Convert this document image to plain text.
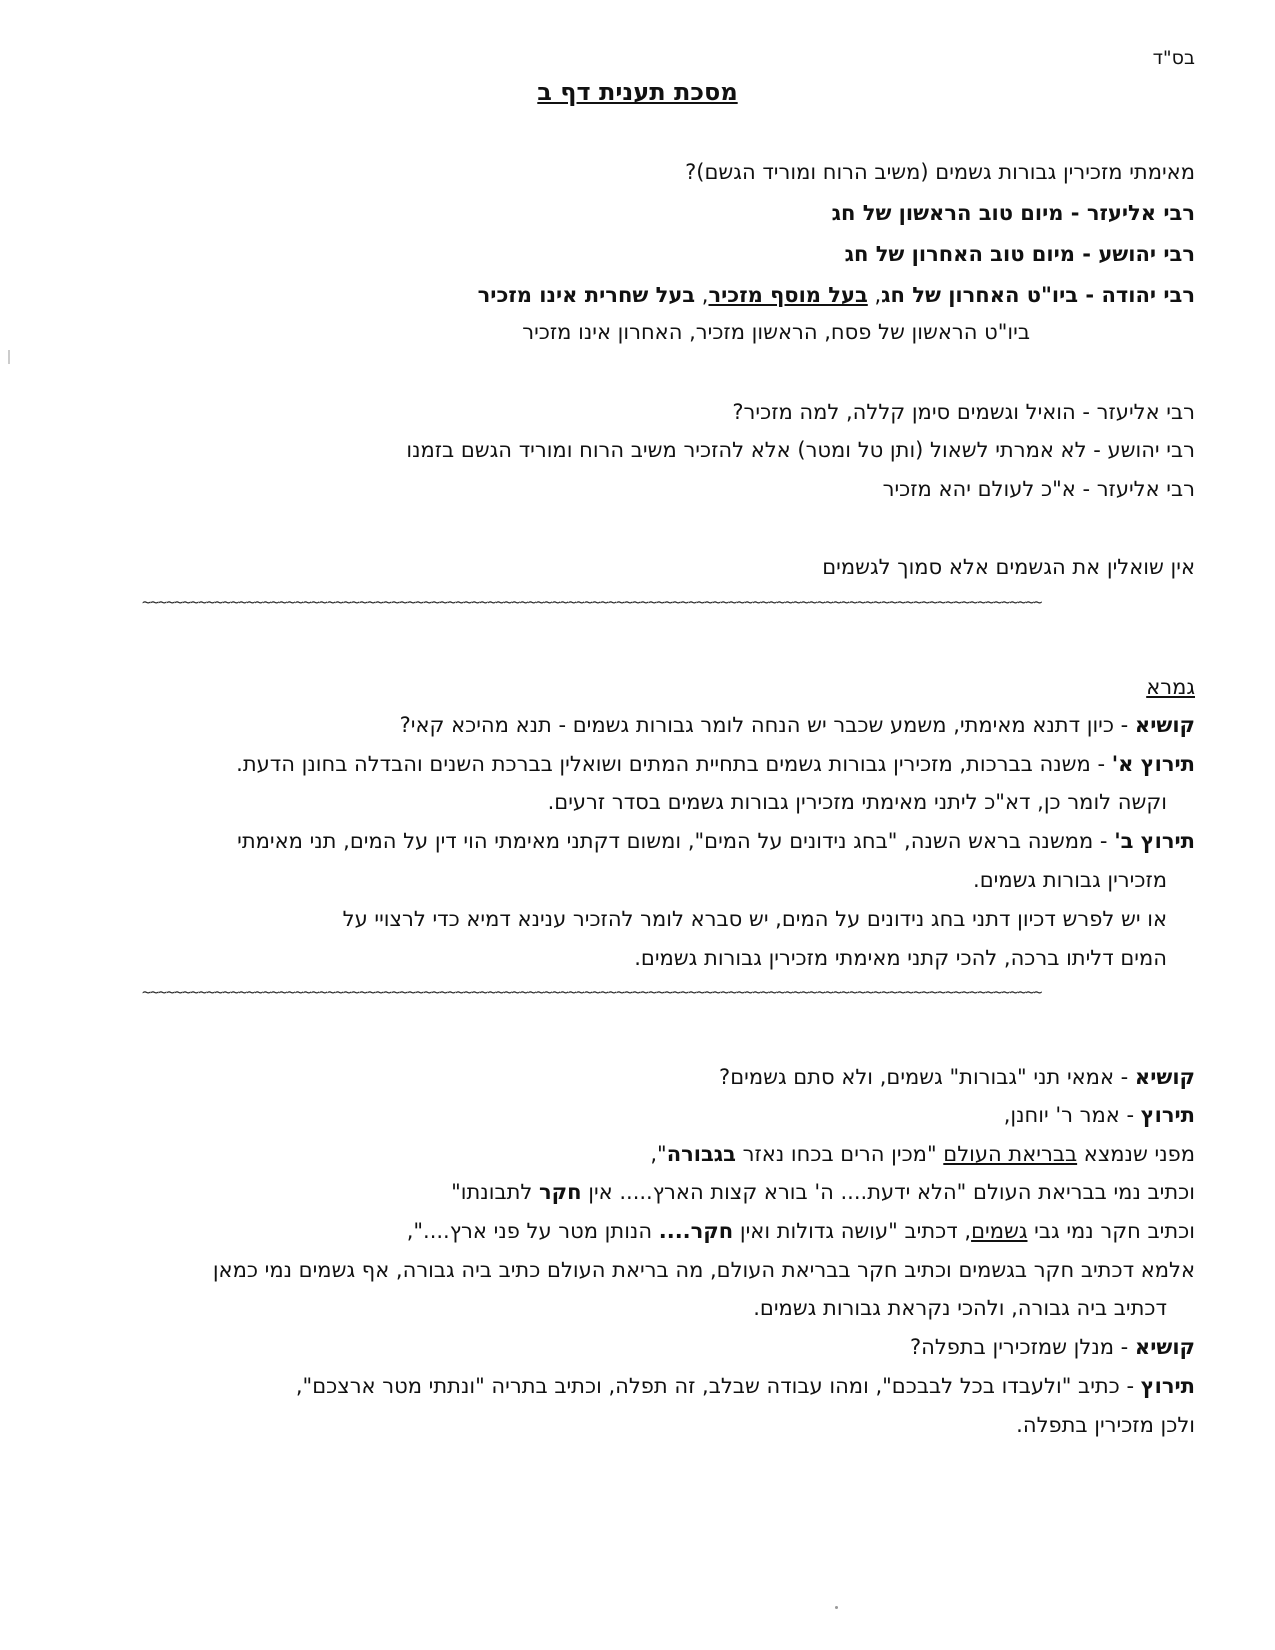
בס"ד
מסכת תענית דף ב
מאימתי מזכירין גבורות גשמים (משיב הרוח ומוריד הגשם)?
רבי אליעזר - מיום טוב הראשון של חג
רבי יהושע - מיום טוב האחרון של חג
רבי יהודה - ביו"ט האחרון של חג, בעל מוסף מזכיר, בעל שחרית אינו מזכיר
ביו"ט הראשון של פסח, הראשון מזכיר, האחרון אינו מזכיר
רבי אליעזר - הואיל וגשמים סימן קללה, למה מזכיר?
רבי יהושע - לא אמרתי לשאול (ותן טל ומטר) אלא להזכיר משיב הרוח ומוריד הגשם בזמנו
רבי אליעזר - א"כ לעולם יהא מזכיר
אין שואלין את הגשמים אלא סמוך לגשמים
~~~~~~~~~~~~~~~~~~~~~~~~~~~~~~~~~~~~~~~~~~~~~~~~~~~~~~~~~~~~~~~~~~~~~~~~~~~~~~~~~~~~~~~~~~~~~~~~~~~~~~~~~~~~~~~~
גמרא
קושיא - כיון דתנא מאימתי, משמע שכבר יש הנחה לומר גבורות גשמים - תנא מהיכא קאי?
תירוץ א' - משנה בברכות, מזכירין גבורות גשמים בתחיית המתים ושואלין בברכת השנים והבדלה בחונן הדעת.
וקשה לומר כן, דא"כ ליתני מאימתי מזכירין גבורות גשמים בסדר זרעים.
תירוץ ב' - ממשנה בראש השנה, "בחג נידונים על המים", ומשום דקתני מאימתי הוי דין על המים, תני מאימתי
מזכירין גבורות גשמים.
או יש לפרש דכיון דתני בחג נידונים על המים, יש סברא לומר להזכיר ענינא דמיא כדי לרצויי על
המים דליתו ברכה, להכי קתני מאימתי מזכירין גבורות גשמים.
~~~~~~~~~~~~~~~~~~~~~~~~~~~~~~~~~~~~~~~~~~~~~~~~~~~~~~~~~~~~~~~~~~~~~~~~~~~~~~~~~~~~~~~~~~~~~~~~~~~~~~~~~~~~~~~~
קושיא - אמאי תני "גבורות" גשמים, ולא סתם גשמים?
תירוץ - אמר ר' יוחנן,
מפני שנמצא בבריאת העולם "מכין הרים בכחו נאזר בגבורה",
וכתיב נמי בבריאת העולם "הלא ידעת.... ה' בורא קצות הארץ..... אין חקר לתבונתו"
וכתיב חקר נמי גבי גשמים, דכתיב "עושה גדולות ואין חקר.... הנותן מטר על פני ארץ....",
אלמא דכתיב חקר בגשמים וכתיב חקר בבריאת העולם, מה בריאת העולם כתיב ביה גבורה, אף גשמים נמי כמאן
דכתיב ביה גבורה, ולהכי נקראת גבורות גשמים.
קושיא - מנלן שמזכירין בתפלה?
תירוץ - כתיב "ולעבדו בכל לבבכם", ומהו עבודה שבלב, זה תפלה, וכתיב בתריה "ונתתי מטר ארצכם",
ולכן מזכירין בתפלה.
